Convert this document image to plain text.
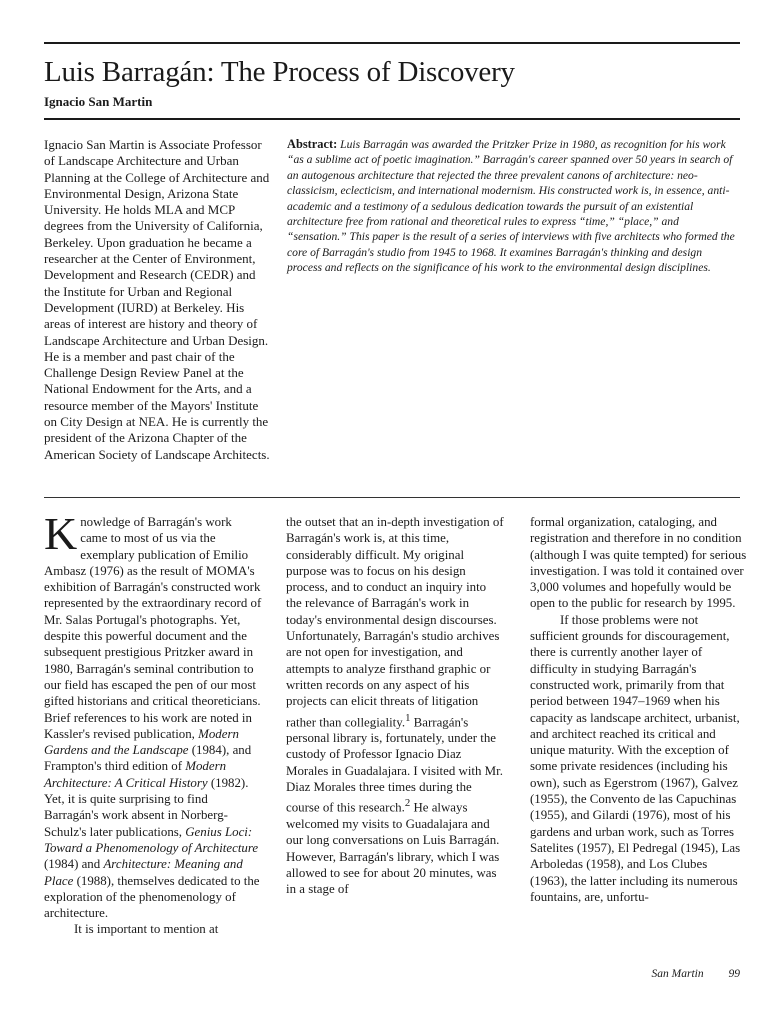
Luis Barragán: The Process of Discovery
Ignacio San Martin

Ignacio San Martin is Associate Professor of Landscape Architecture and Urban Planning at the College of Architecture and Environmental Design, Arizona State University. He holds MLA and MCP degrees from the University of California, Berkeley. Upon graduation he became a researcher at the Center of Environment, Development and Research (CEDR) and the Institute for Urban and Regional Development (IURD) at Berkeley. His areas of interest are history and theory of Landscape Architecture and Urban Design. He is a member and past chair of the Challenge Design Review Panel at the National Endowment for the Arts, and a resource member of the Mayors' Institute on City Design at NEA. He is currently the president of the Arizona Chapter of the American Society of Landscape Architects.

Abstract: Luis Barragán was awarded the Pritzker Prize in 1980, as recognition for his work “as a sublime act of poetic imagination.” Barragán's career spanned over 50 years in search of an autogenous architecture that rejected the three prevalent canons of architecture: neo-classicism, eclecticism, and international modernism. His constructed work is, in essence, anti-academic and a testimony of a sedulous dedication towards the pursuit of an existential architecture free from rational and theoretical rules to express “time,” “place,” and “sensation.” This paper is the result of a series of interviews with five architects who formed the core of Barragán's studio from 1945 to 1968. It examines Barragán's thinking and design process and reflects on the significance of his work to the environmental design disciplines.

Knowledge of Barragán's work came to most of us via the exemplary publication of Emilio Ambasz (1976) as the result of MOMA's exhibition of Barragán's constructed work represented by the extraordinary record of Mr. Salas Portugal's photographs. Yet, despite this powerful document and the subsequent prestigious Pritzker award in 1980, Barragán's seminal contribution to our field has escaped the pen of our most gifted historians and critical theoreticians. Brief references to his work are noted in Kassler's revised publication, Modern Gardens and the Landscape (1984), and Frampton's third edition of Modern Architecture: A Critical History (1982). Yet, it is quite surprising to find Barragán's work absent in Norberg-Schulz's later publications, Genius Loci: Toward a Phenomenology of Architecture (1984) and Architecture: Meaning and Place (1988), themselves dedicated to the exploration of the phenomenology of architecture.

It is important to mention at

the outset that an in-depth investigation of Barragán's work is, at this time, considerably difficult. My original purpose was to focus on his design process, and to conduct an inquiry into the relevance of Barragán's work in today's environmental design discourses. Unfortunately, Barragán's studio archives are not open for investigation, and attempts to analyze firsthand graphic or written records on any aspect of his projects can elicit threats of litigation rather than collegiality.$^1$ Barragán's personal library is, fortunately, under the custody of Professor Ignacio Diaz Morales in Guadalajara. I visited with Mr. Diaz Morales three times during the course of this research.$^2$ He always welcomed my visits to Guadalajara and our long conversations on Luis Barragán. However, Barragán's library, which I was allowed to see for about 20 minutes, was in a stage of

formal organization, cataloging, and registration and therefore in no condition (although I was quite tempted) for serious investigation. I was told it contained over 3,000 volumes and hopefully would be open to the public for research by 1995.

If those problems were not sufficient grounds for discouragement, there is currently another layer of difficulty in studying Barragán's constructed work, primarily from that period between 1947–1969 when his capacity as landscape architect, urbanist, and architect reached its critical and unique maturity. With the exception of some private residences (including his own), such as Egerstrom (1967), Galvez (1955), the Convento de las Capuchinas (1955), and Gilardi (1976), most of his gardens and urban work, such as Torres Satelites (1957), El Pedregal (1945), Las Arboledas (1958), and Los Clubes (1963), the latter including its numerous fountains, are, unfortu-

San Martin 99
